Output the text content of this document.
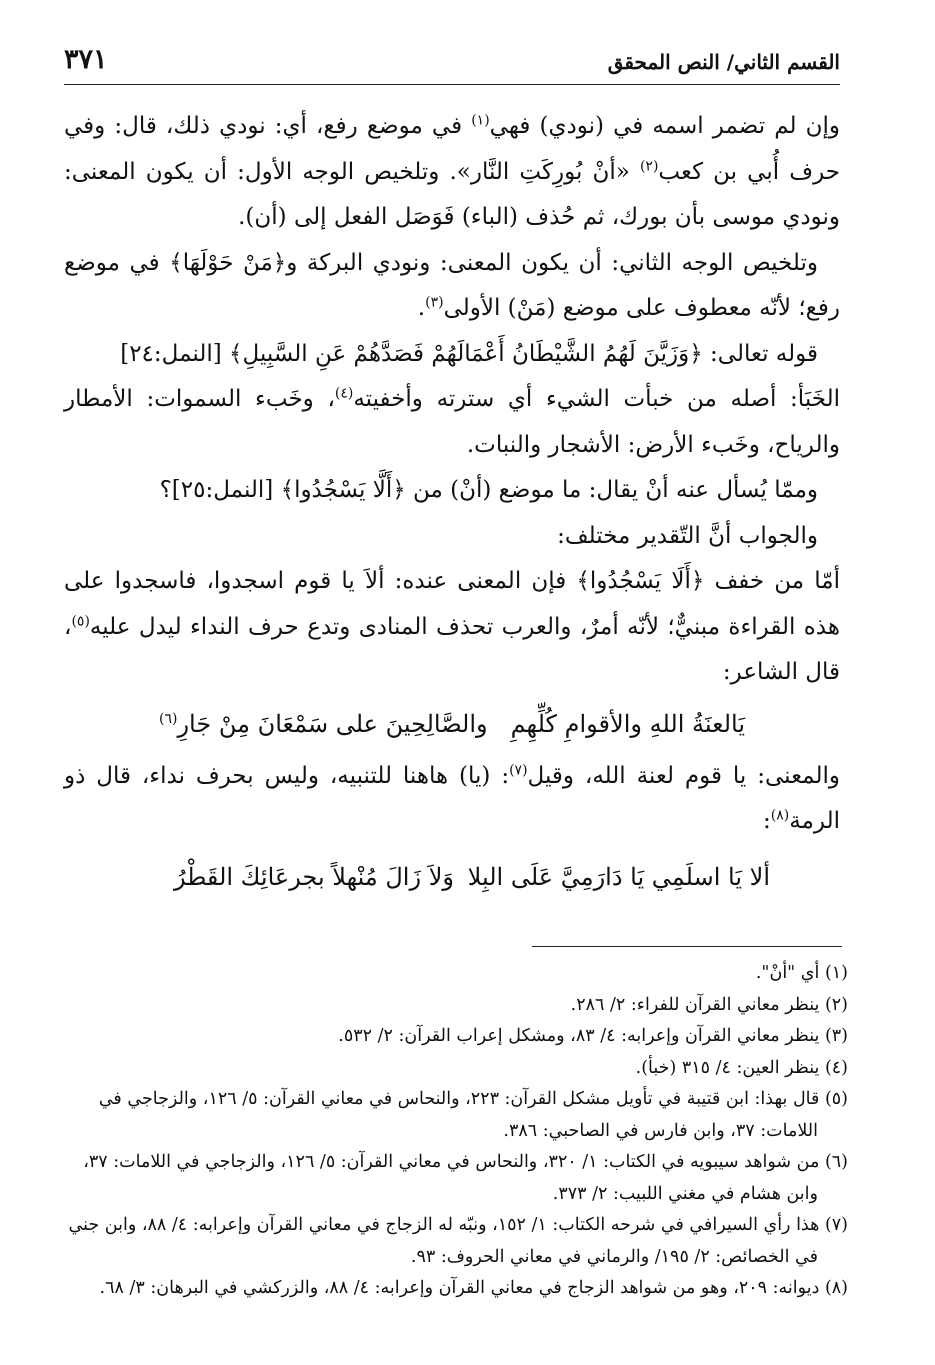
القسم الثاني/ النص المحقق
٣٧١

وإن لم تضمر اسمه في (نودي) فهي$^{(١)}$ في موضع رفع، أي: نودي ذلك، قال: وفي حرف أُبي بن كعب$^{(٢)}$ «أنْ بُورِكَتِ النَّار». وتلخيص الوجه الأول: أن يكون المعنى: ونودي موسى بأن بورك، ثم حُذف (الباء) فَوَصَل الفعل إلى (أن).

وتلخيص الوجه الثاني: أن يكون المعنى: ونودي البركة و﴿مَنْ حَوْلَهَا﴾ في موضع رفع؛ لأنّه معطوف على موضع (مَنْ) الأولى$^{(٣)}$.

قوله تعالى: ﴿وَزَيَّنَ لَهُمُ الشَّيْطَانُ أَعْمَالَهُمْ فَصَدَّهُمْ عَنِ السَّبِيلِ﴾ [النمل:٢٤]

الخَبَأ: أصله من خبأت الشيء أي سترته وأخفيته$^{(٤)}$، وخَبء السموات: الأمطار والرياح، وخَبء الأرض: الأشجار والنبات.

وممّا يُسأل عنه أنْ يقال: ما موضع (أنْ) من ﴿أَلَّا يَسْجُدُوا﴾ [النمل:٢٥]؟

والجواب أنَّ التّقدير مختلف:

أمّا من خفف ﴿أَلَا يَسْجُدُوا﴾ فإن المعنى عنده: ألاَ يا قوم اسجدوا، فاسجدوا على هذه القراءة مبنيٌّ؛ لأنّه أمرٌ، والعرب تحذف المنادى وتدع حرف النداء ليدل عليه$^{(٥)}$، قال الشاعر:

يَالعنَةُ اللهِ والأقوامِ كُلِّهِمِ
والصَّالِحِينَ على سَمْعَانَ مِنْ جَارِ$^{(٦)}$

والمعنى: يا قوم لعنة الله، وقيل$^{(٧)}$: (يا) هاهنا للتنبيه، وليس بحرف نداء، قال ذو الرمة$^{(٨)}$:

ألا يَا اسلَمِي يَا دَارَمِيَّ عَلَى البِلا
وَلاَ زَالَ مُنْهلاً بجرعَائِكَ القَطْرُ

(١) أي "أنْ".

(٢) ينظر معاني القرآن للفراء: ٢/ ٢٨٦.

(٣) ينظر معاني القرآن وإعرابه: ٤/ ٨٣، ومشكل إعراب القرآن: ٢/ ٥٣٢.

(٤) ينظر العين: ٤/ ٣١٥ (خبأ).

(٥) قال بهذا: ابن قتيبة في تأويل مشكل القرآن: ٢٢٣، والنحاس في معاني القرآن: ٥/ ١٢٦، والزجاجي في
اللامات: ٣٧، وابن فارس في الصاحبي: ٣٨٦.

(٦) من شواهد سيبويه في الكتاب: ١/ ٣٢٠، والنحاس في معاني القرآن: ٥/ ١٢٦، والزجاجي في اللامات: ٣٧،
وابن هشام في مغني اللبيب: ٢/ ٣٧٣.

(٧) هذا رأي السيرافي في شرحه الكتاب: ١/ ١٥٢، ونبّه له الزجاج في معاني القرآن وإعرابه: ٤/ ٨٨، وابن جني
في الخصائص: ٢/ ١٩٥/ والرماني في معاني الحروف: ٩٣.

(٨) ديوانه: ٢٠٩، وهو من شواهد الزجاج في معاني القرآن وإعرابه: ٤/ ٨٨، والزركشي في البرهان: ٣/ ٦٨.
